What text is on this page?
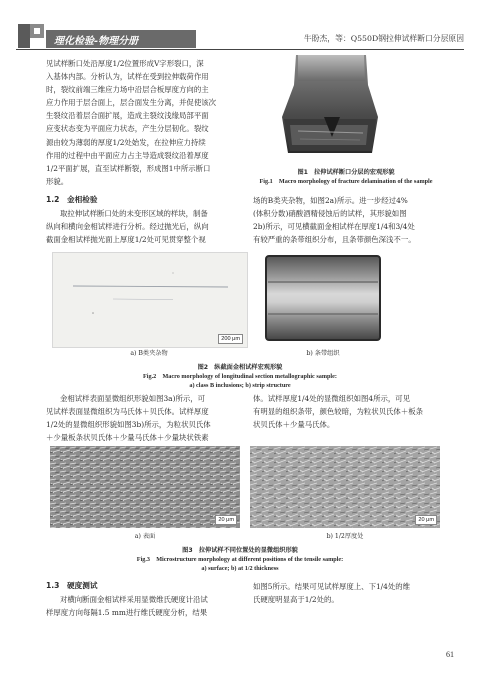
理化检验-物理分册	牛盼杰，等：Q550D钢拉伸试样断口分层原因
见试样断口处沿厚度1/2位置形成V字形裂口，深
入基体内部。分析认为，试样在受到拉伸载荷作用
时，裂纹前端三维应力场中沿层合板厚度方向的主
应力作用于层合面上，层合面发生分离，并促使该次
生裂纹沿着层合面扩展，造成主裂纹浅缘局部平面
应变状态变为平面应力状态，产生分层韧化。裂纹
源由较为薄弱的厚度1/2处始发，在拉伸应力持续
作用的过程中由平面应力占主导造成裂纹沿着厚度
1/2平面扩展，直至试样断裂，形成图1中所示断口
形貌。
1.2　金相检验
取拉伸试样断口处的未变形区域的样块，制备
纵向和横向金相试样进行分析。经过抛光后，纵向
截面金相试样抛光面上厚度1/2处可见贯穿整个视
图1　拉伸试样断口分层的宏观形貌
Fig.1　Macro morphology of fracture delamination of the sample
场的B类夹杂物，如图2a)所示。进一步经过4%
(体积分数)硝酸酒精侵蚀后的试样，其形貌如图
2b)所示，可见横截面金相试样在厚度1/4和3/4处
有较严重的条带组织分布，且条带颜色深浅不一。
200 μm
a) B类夹杂物	b) 条带组织
图2　纵截面金相试样宏观形貌
Fig.2　Macro morphology of longitudinal section metallographic sample:
a) class B inclusions; b) strip structure
金相试样表面显微组织形貌如图3a)所示，可
见试样表面显微组织为马氏体＋贝氏体。试样厚度
1/2处的显微组织形貌如图3b)所示，为粒状贝氏体
＋少量板条状贝氏体＋少量马氏体＋少量块状铁素
体。试样厚度1/4处的显微组织如图4所示，可见
有明显的组织条带，颜色较暗，为粒状贝氏体＋板条
状贝氏体＋少量马氏体。
20 μm	20 μm
a) 表面	b) 1/2厚度处
图3　拉伸试样不同位置处的显微组织形貌
Fig.3　Microstructure morphology at different positions of the tensile sample:
a) surface; b) at 1/2 thickness
1.3　硬度测试
对横向断面金相试样采用显微维氏硬度计沿试
样厚度方向每隔1.5 mm进行维氏硬度分析，结果
如图5所示。结果可见试样厚度上、下1/4处的维
氏硬度明显高于1/2处的。
61
